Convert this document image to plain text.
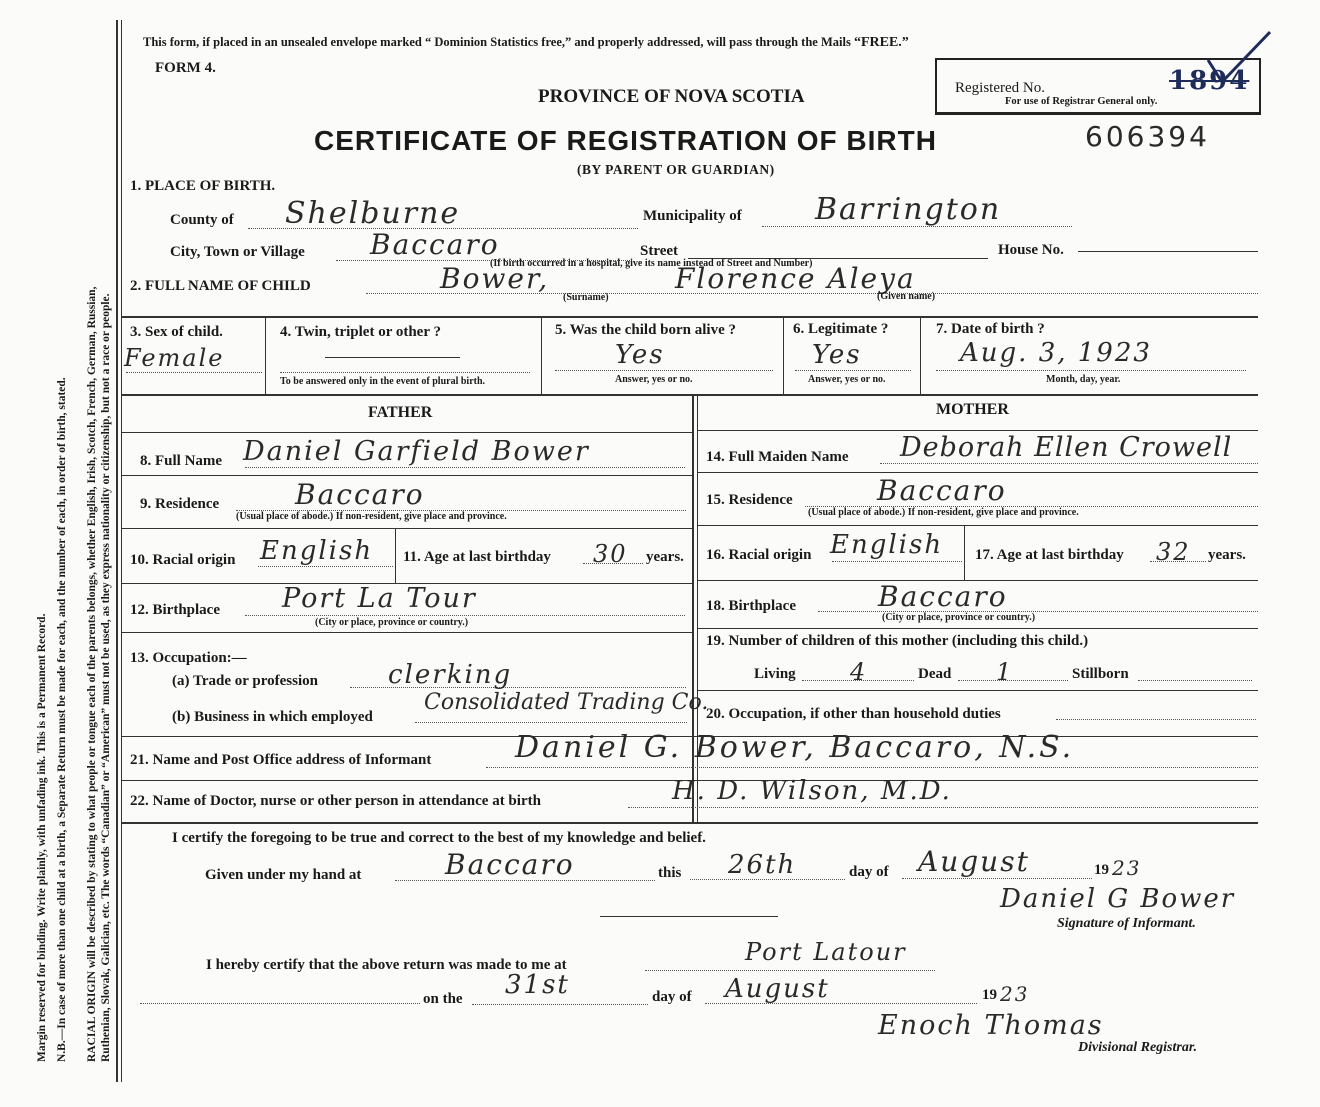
Margin reserved for binding. Write plainly, with unfading ink. This is a Permanent Record. N.B.—In case of more than one child at a birth, a Separate Return must be made for each, and the number of each, in order of birth, stated. RACIAL ORIGIN will be described by stating to what people or tongue each of the parents belongs, whether English, Irish, Scotch, French, German, Russian, Ruthenian, Slovak, Galician, etc. The words “Canadian” or “American” must not be used, as they express nationality or citizenship, but not a race or people.
This form, if placed in an unsealed envelope marked “ Dominion Statistics free,” and properly addressed, will pass through the Mails “FREE.”
FORM 4.
PROVINCE OF NOVA SCOTIA
CERTIFICATE OF REGISTRATION OF BIRTH	606394
(BY PARENT OR GUARDIAN)
Registered No.	1894
For use of Registrar General only.
1. PLACE OF BIRTH.
County of Shelburne	Municipality of Barrington
City, Town or Village Baccaro	Street
(If birth occurred in a hospital, give its name instead of Street and Number)
House No.
2. FULL NAME OF CHILD	Bower,	Florence Aleya
(Surname)	(Given name)
3. Sex of child.
Female
4. Twin, triplet or other ?
To be answered only in the event of plural birth.
5. Was the child born alive ?
Yes
Answer, yes or no.
6. Legitimate ?
Yes
Answer, yes or no.
7. Date of birth ?
Aug. 3, 1923
Month, day, year.
FATHER
8. Full Name Daniel Garfield Bower
9. Residence	Baccaro
(Usual place of abode.) If non-resident, give place and province.
10. Racial origin English 11. Age at last birthday 30 years.
12. Birthplace Port La Tour
(City or place, province or country.)
13. Occupation:—
(a) Trade or profession	clerking
(b) Business in which employed
Consolidated Trading Co.
MOTHER
14. Full Maiden Name Deborah Ellen Crowell
15. Residence	Baccaro
(Usual place of abode.) If non-resident, give place and province.
16. Racial origin English 17. Age at last birthday 32 years.
18. Birthplace	Baccaro
(City or place, province or country.)
19. Number of children of this mother (including this child.)
Living 4	Dead 1	Stillborn
20. Occupation, if other than household duties
21. Name and Post Office address of Informant	Daniel G. Bower, Baccaro, N.S.
22. Name of Doctor, nurse or other person in attendance at birth	H. D. Wilson, M.D.
I certify the foregoing to be true and correct to the best of my knowledge and belief.
Given under my hand at	Baccaro	this 26th	day of August	19 23
Daniel G Bower
Signature of Informant.
I hereby certify that the above return was made to me at	Port Latour
on the 31st	day of August	19 23
Enoch Thomas
Divisional Registrar.
